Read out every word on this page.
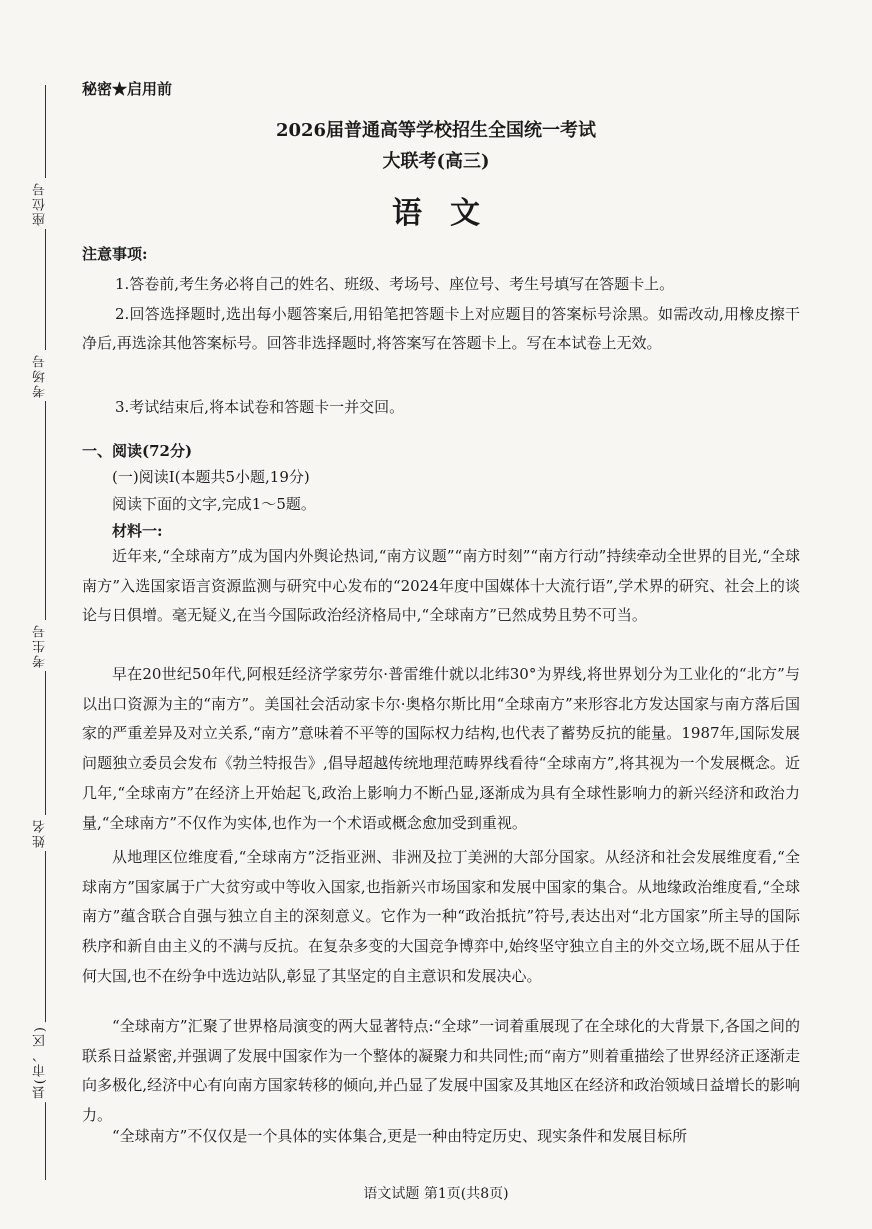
座位号
考场号
考生号
姓名
县(市、区)
秘密★启用前
2026届普通高等学校招生全国统一考试
大联考(高三)
语文
注意事项:

1.答卷前,考生务必将自己的姓名、班级、考场号、座位号、考生号填写在答题卡上。

2.回答选择题时,选出每小题答案后,用铅笔把答题卡上对应题目的答案标号涂黑。如需改动,用橡皮擦干净后,再选涂其他答案标号。回答非选择题时,将答案写在答题卡上。写在本试卷上无效。

3.考试结束后,将本试卷和答题卡一并交回。

一、阅读(72分)
(一)阅读Ⅰ(本题共5小题,19分)
阅读下面的文字,完成1～5题。
材料一:

近年来,“全球南方”成为国内外舆论热词,“南方议题”“南方时刻”“南方行动”持续牵动全世界的目光,“全球南方”入选国家语言资源监测与研究中心发布的“2024年度中国媒体十大流行语”,学术界的研究、社会上的谈论与日俱增。毫无疑义,在当今国际政治经济格局中,“全球南方”已然成势且势不可当。

早在20世纪50年代,阿根廷经济学家劳尔·普雷维什就以北纬30°为界线,将世界划分为工业化的“北方”与以出口资源为主的“南方”。美国社会活动家卡尔·奥格尔斯比用“全球南方”来形容北方发达国家与南方落后国家的严重差异及对立关系,“南方”意味着不平等的国际权力结构,也代表了蓄势反抗的能量。1987年,国际发展问题独立委员会发布《勃兰特报告》,倡导超越传统地理范畴界线看待“全球南方”,将其视为一个发展概念。近几年,“全球南方”在经济上开始起飞,政治上影响力不断凸显,逐渐成为具有全球性影响力的新兴经济和政治力量,“全球南方”不仅作为实体,也作为一个术语或概念愈加受到重视。

从地理区位维度看,“全球南方”泛指亚洲、非洲及拉丁美洲的大部分国家。从经济和社会发展维度看,“全球南方”国家属于广大贫穷或中等收入国家,也指新兴市场国家和发展中国家的集合。从地缘政治维度看,“全球南方”蕴含联合自强与独立自主的深刻意义。它作为一种“政治抵抗”符号,表达出对“北方国家”所主导的国际秩序和新自由主义的不满与反抗。在复杂多变的大国竞争博弈中,始终坚守独立自主的外交立场,既不屈从于任何大国,也不在纷争中选边站队,彰显了其坚定的自主意识和发展决心。

“全球南方”汇聚了世界格局演变的两大显著特点:“全球”一词着重展现了在全球化的大背景下,各国之间的联系日益紧密,并强调了发展中国家作为一个整体的凝聚力和共同性;而“南方”则着重描绘了世界经济正逐渐走向多极化,经济中心有向南方国家转移的倾向,并凸显了发展中国家及其地区在经济和政治领域日益增长的影响力。

“全球南方”不仅仅是一个具体的实体集合,更是一种由特定历史、现实条件和发展目标所

语文试题 第1页(共8页)
